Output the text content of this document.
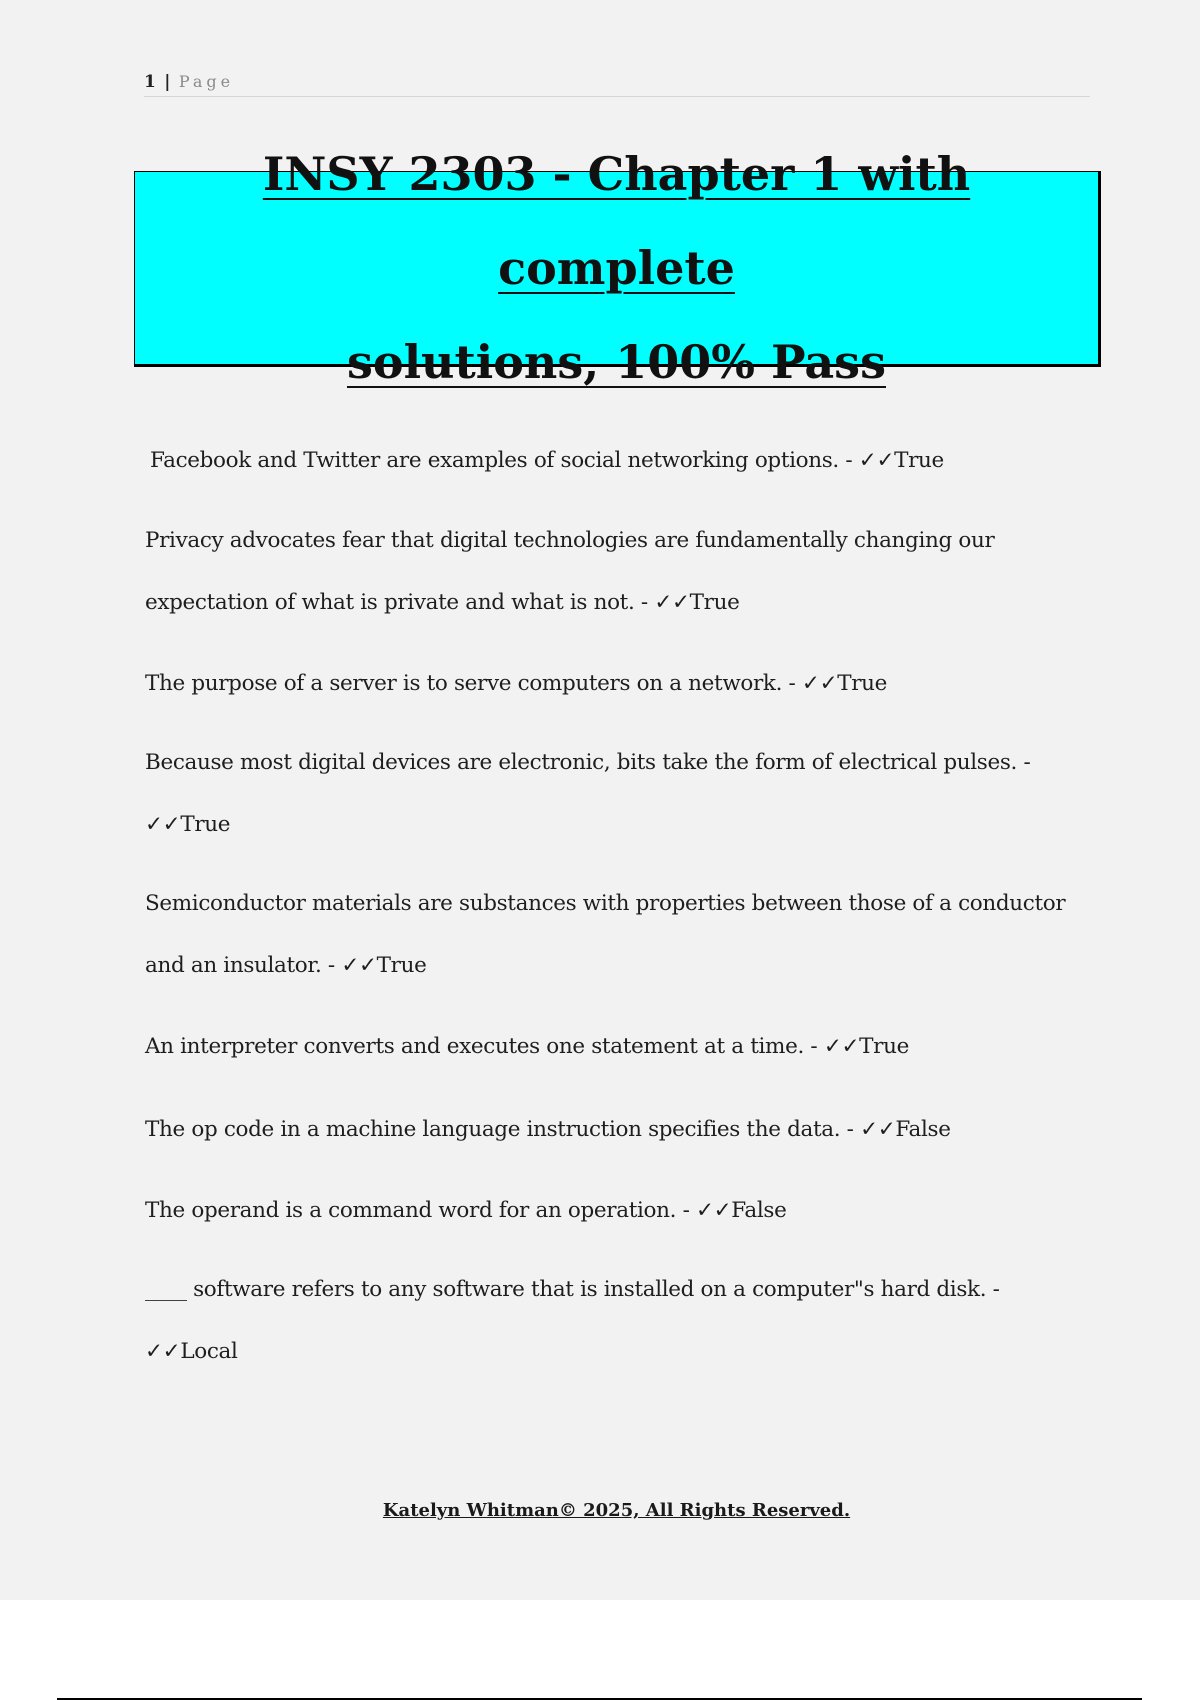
1 | Page
INSY 2303 - Chapter 1 with complete
solutions, 100% Pass

Facebook and Twitter are examples of social networking options. - ✓✓True

Privacy advocates fear that digital technologies are fundamentally changing our expectation of what is private and what is not. - ✓✓True

The purpose of a server is to serve computers on a network. - ✓✓True

Because most digital devices are electronic, bits take the form of electrical pulses. - ✓✓True

Semiconductor materials are substances with properties between those of a conductor and an insulator. - ✓✓True

An interpreter converts and executes one statement at a time. - ✓✓True

The op code in a machine language instruction specifies the data. - ✓✓False

The operand is a command word for an operation. - ✓✓False

____ software refers to any software that is installed on a computer"s hard disk. - ✓✓Local

Katelyn Whitman© 2025, All Rights Reserved.
